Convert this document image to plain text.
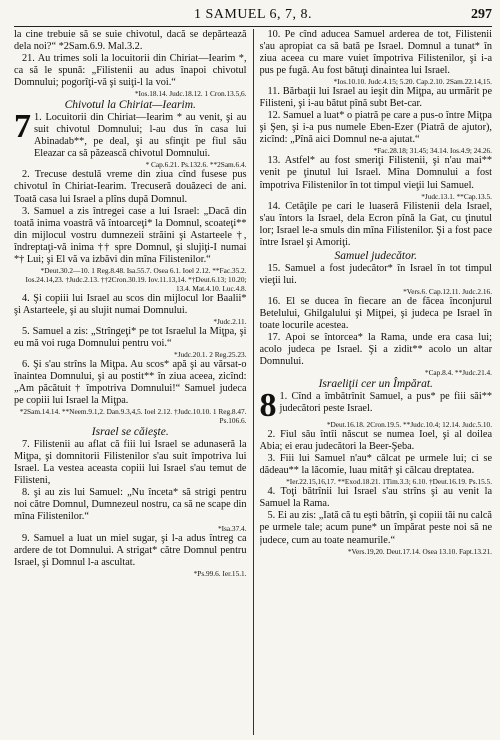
1 SAMUEL 6, 7, 8.	297

la cine trebuie să se suie chivotul, dacă se depărtează dela noi?“ *2Sam.6.9. Mal.3.2.

21. Au trimes soli la locuitorii din Chiriat—Iearim *, ca să le spună: „Filistenii au adus înapoi chivotul Domnului; pogorîţi-vă şi suiţi-l la voi.“

*Ios.18.14. Judc.18.12. 1 Cron.13.5,6.

Chivotul la Chiriat—Iearim.

7 1. Locuitorii din Chiriat—Iearim * au venit, şi au suit chivotul Domnului; l-au dus în casa lui Abinadab**, pe deal, şi au sfinţit pe fiul său Eleazar ca să păzească chivotul Domnului.

* Cap.6.21. Ps.132.6. **2Sam.6.4.

2. Trecuse destulă vreme din ziua cînd fusese pus chivotul în Chiriat-Iearim. Trecuseră douăzeci de ani. Toată casa lui Israel a plîns după Domnul.

3. Samuel a zis întregei case a lui Israel: „Dacă din toată inima voastră vă întoarceţi* la Domnul, scoateţi** din mijlocul vostru dumnezeii străini şi Astarteele †, îndreptaţi-vă inima †† spre Domnul, şi slujiţi-I numai *† Lui; şi El vă va izbăvi din mîna Filistenilor.“

*Deut.30.2—10. 1 Reg.8.48. Isa.55.7. Osea 6.1. Ioel 2.12. **Fac.35.2. Ios.24.14,23. †Judc.2.13. ††2Cron.30.19. Iov.11.13,14. *†Deut.6.13; 10.20; 13.4. Mat.4.10. Luc.4.8.

4. Şi copiii lui Israel au scos din mijlocul lor Baalii* şi Astarteele, şi au slujit numai Domnului.

*Judc.2.11.

5. Samuel a zis: „Strîngeţi* pe tot Israelul la Miţpa, şi eu mă voi ruga Domnului pentru voi.“

*Judc.20.1. 2 Reg.25.23.

6. Şi s'au strîns la Miţpa. Au scos* apă şi au vărsat-o înaintea Domnului, şi au postit** în ziua aceea, zicînd: „Am păcătuit † împotriva Domnului!“ Samuel judeca pe copiii lui Israel la Miţpa.

*2Sam.14.14. **Neem.9.1,2. Dan.9.3,4,5. Ioel 2.12. †Judc.10.10. 1 Reg.8.47. Ps.106.6.

Israel se căieşte.

7. Filistenii au aflat că fiii lui Israel se adunaseră la Miţpa, şi domnitorii Filistenilor s'au suit împotriva lui Israel. La vestea aceasta copiii lui Israel s'au temut de Filisteni,

8. şi au zis lui Samuel: „Nu înceta* să strigi pentru noi către Domnul, Dumnezeul nostru, ca să ne scape din mîna Filistenilor.“

*Isa.37.4.

9. Samuel a luat un miel sugar, şi l-a adus întreg ca ardere de tot Domnului. A strigat* către Domnul pentru Israel, şi Domnul l-a ascultat.

*Ps.99.6. Ier.15.1.

10. Pe cînd aducea Samuel arderea de tot, Filistenii s'au apropiat ca să bată pe Israel. Domnul a tunat* în ziua aceea cu mare vuiet împotriva Filistenilor, şi i-a pus pe fugă. Au fost bătuţi dinaintea lui Israel.

*Ios.10.10. Judc.4.15; 5.20. Cap.2.10. 2Sam.22.14,15.

11. Bărbaţii lui Israel au ieşit din Miţpa, au urmărit pe Filisteni, şi i-au bătut pînă subt Bet-car.

12. Samuel a luat* o piatră pe care a pus-o între Miţpa şi Şen, şi i-a pus numele Eben-Ezer (Piatră de ajutor), zicînd: „Pînă aici Domnul ne-a ajutat.“

*Fac.28.18; 31.45; 34.14. Ios.4.9; 24.26.

13. Astfel* au fost smeriţi Filistenii, şi n'au mai** venit pe ţinutul lui Israel. Mîna Domnului a fost împotriva Filistenilor în tot timpul vieţii lui Samuel.

*Judc.13.1. **Cap.13.5.

14. Cetăţile pe cari le luaseră Filistenii dela Israel, s'au întors la Israel, dela Ecron pînă la Gat, cu ţinutul lor; Israel le-a smuls din mîna Filistenilor. Şi a fost pace între Israel şi Amoriţi.

Samuel judecător.

15. Samuel a fost judecător* în Israel în tot timpul vieţii lui.

*Vers.6. Cap.12.11. Judc.2.16.

16. El se ducea în fiecare an de făcea înconjurul Betelului, Ghilgalului şi Miţpei, şi judeca pe Israel în toate locurile acestea.

17. Apoi se întorcea* la Rama, unde era casa lui; acolo judeca pe Israel. Şi a zidit** acolo un altar Domnului.

*Cap.8.4. **Judc.21.4.

Israeliţii cer un Împărat.

8 1. Cînd a îmbătrînit Samuel, a pus* pe fiii săi** judecători peste Israel.

*Deut.16.18. 2Cron.19.5. **Judc.10.4; 12.14. Judc.5.10.

2. Fiul său întîi născut se numea Ioel, şi al doilea Abia; ei erau judecători la Beer-Şeba.

3. Fiii lui Samuel n'au* călcat pe urmele lui; ci se dădeau** la lăcomie, luau mită† şi călcau dreptatea.

*Ier.22.15,16,17. **Exod.18.21. 1Tim.3.3; 6.10. †Deut.16.19. Ps.15.5.

4. Toţi bătrînii lui Israel s'au strîns şi au venit la Samuel la Rama.

5. Ei au zis: „Iată că tu eşti bătrîn, şi copiii tăi nu calcă pe urmele tale; acum pune* un împărat peste noi să ne judece, cum au toate neamurile.“

*Vers.19,20. Deut.17.14. Osea 13.10. Fapt.13.21.
